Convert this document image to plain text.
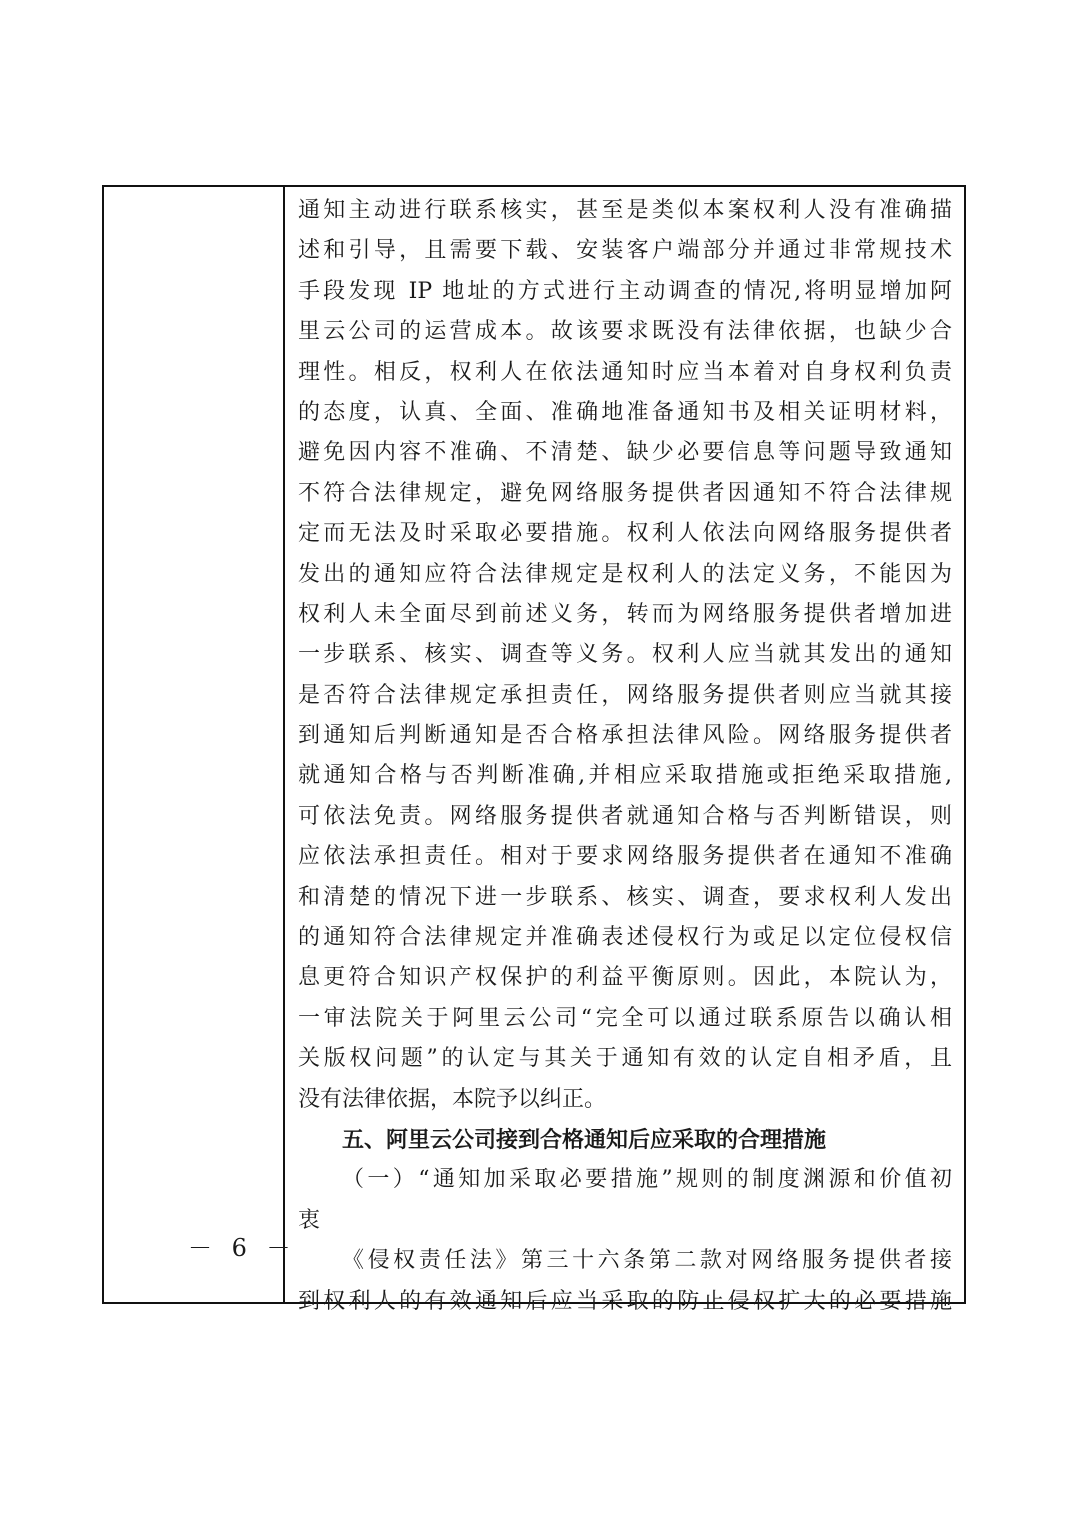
通知主动进行联系核实，甚至是类似本案权利人没有准确描
述和引导，且需要下载、安装客户端部分并通过非常规技术
手段发现 IP 地址的方式进行主动调查的情况,将明显增加阿
里云公司的运营成本。故该要求既没有法律依据，也缺少合
理性。相反，权利人在依法通知时应当本着对自身权利负责
的态度，认真、全面、准确地准备通知书及相关证明材料，
避免因内容不准确、不清楚、缺少必要信息等问题导致通知
不符合法律规定，避免网络服务提供者因通知不符合法律规
定而无法及时采取必要措施。权利人依法向网络服务提供者
发出的通知应符合法律规定是权利人的法定义务，不能因为
权利人未全面尽到前述义务，转而为网络服务提供者增加进
一步联系、核实、调查等义务。权利人应当就其发出的通知
是否符合法律规定承担责任，网络服务提供者则应当就其接
到通知后判断通知是否合格承担法律风险。网络服务提供者
就通知合格与否判断准确,并相应采取措施或拒绝采取措施,
可依法免责。网络服务提供者就通知合格与否判断错误，则
应依法承担责任。相对于要求网络服务提供者在通知不准确
和清楚的情况下进一步联系、核实、调查，要求权利人发出
的通知符合法律规定并准确表述侵权行为或足以定位侵权信
息更符合知识产权保护的利益平衡原则。因此，本院认为，
一审法院关于阿里云公司“完全可以通过联系原告以确认相
关版权问题”的认定与其关于通知有效的认定自相矛盾，且
没有法律依据，本院予以纠正。
五、阿里云公司接到合格通知后应采取的合理措施
（一）“通知加采取必要措施”规则的制度渊源和价值初
衷
《侵权责任法》第三十六条第二款对网络服务提供者接
到权利人的有效通知后应当采取的防止侵权扩大的必要措施
－ 6 －
